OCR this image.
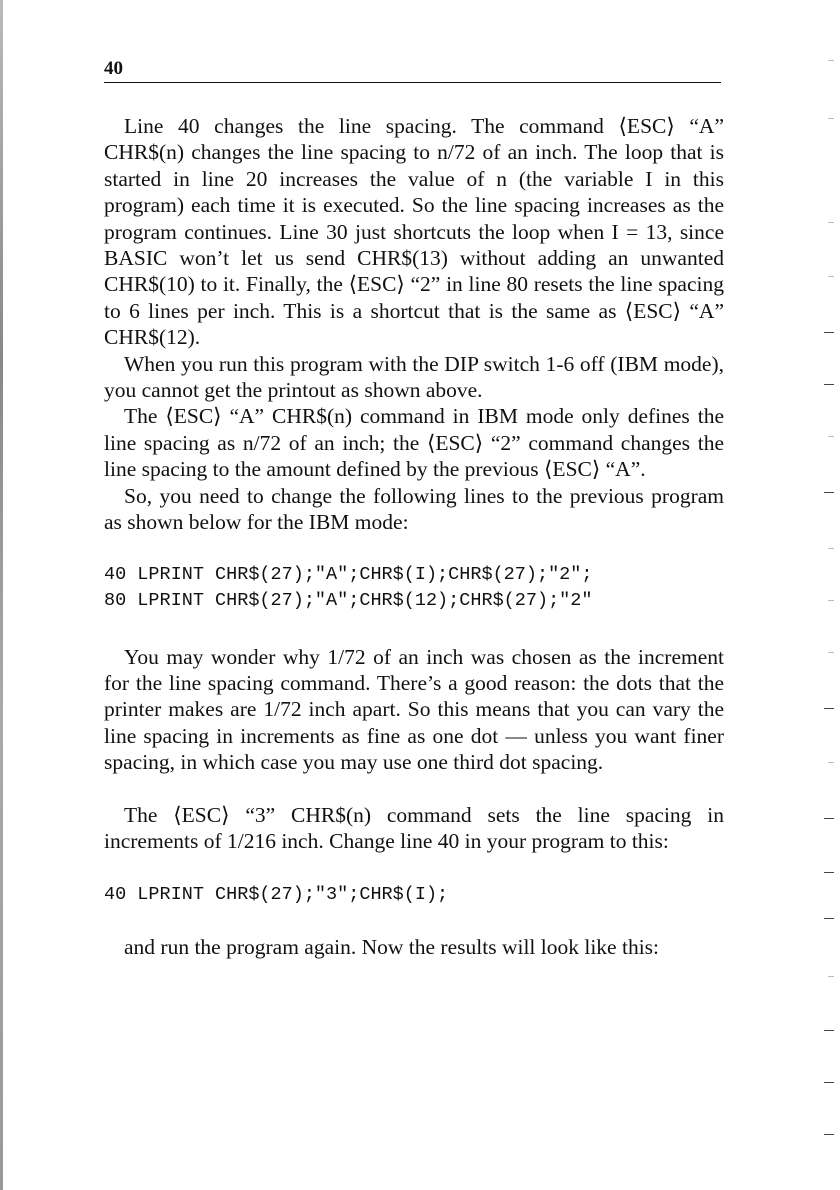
40

Line 40 changes the line spacing. The command ⟨ESC⟩ “A” CHR$(n) changes the line spacing to n/72 of an inch. The loop that is started in line 20 increases the value of n (the variable I in this program) each time it is executed. So the line spacing increases as the program continues. Line 30 just shortcuts the loop when I = 13, since BASIC won’t let us send CHR$(13) without adding an unwanted CHR$(10) to it. Finally, the ⟨ESC⟩ “2” in line 80 resets the line spacing to 6 lines per inch. This is a shortcut that is the same as ⟨ESC⟩ “A” CHR$(12).

When you run this program with the DIP switch 1-6 off (IBM mode), you cannot get the printout as shown above.

The ⟨ESC⟩ “A” CHR$(n) command in IBM mode only defines the line spacing as n/72 of an inch; the ⟨ESC⟩ “2” command changes the line spacing to the amount defined by the previous ⟨ESC⟩ “A”.

So, you need to change the following lines to the previous program as shown below for the IBM mode:

40 LPRINT CHR$(27);"A";CHR$(I);CHR$(27);"2";
80 LPRINT CHR$(27);"A";CHR$(12);CHR$(27);"2"

You may wonder why 1/72 of an inch was chosen as the increment for the line spacing command. There’s a good reason: the dots that the printer makes are 1/72 inch apart. So this means that you can vary the line spacing in increments as fine as one dot — unless you want finer spacing, in which case you may use one third dot spacing.

The ⟨ESC⟩ “3” CHR$(n) command sets the line spacing in increments of 1/216 inch. Change line 40 in your program to this:

40 LPRINT CHR$(27);"3";CHR$(I);

and run the program again. Now the results will look like this:
